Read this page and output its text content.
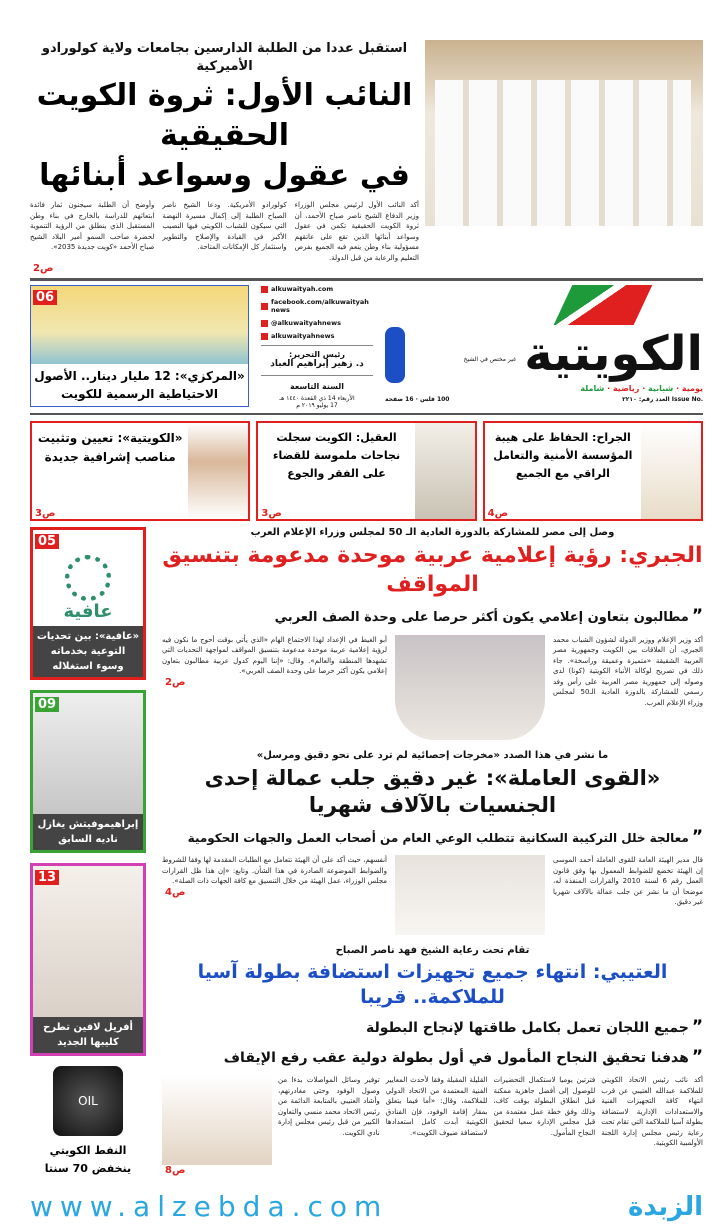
استقبل عددا من الطلبة الدارسين بجامعات ولاية كولورادو الأميركية
النائب الأول: ثروة الكويت الحقيقية
في عقول وسواعد أبنائها

أكد النائب الأول لرئيس مجلس الوزراء وزير الدفاع الشيخ ناصر صباح الأحمد، أن ثروة الكويت الحقيقية تكمن في عقول وسواعد أبنائها الذين تقع على عاتقهم مسؤولية بناء وطن ينعم فيه الجميع بفرص التعليم والرعاية من قبل الدولة.

كولورادو الأمريكية. ودعا الشيخ ناصر الصباح الطلبة إلى إكمال مسيرة النهضة التي سيكون للشباب الكويتي فيها النصيب الأكبر في القيادة والإصلاح والتطوير واستثمار كل الإمكانات المتاحة.

وأوضح أن الطلبة سيجنون ثمار فائدة ابتعاثهم للدراسة بالخارج في بناء وطن المستقبل الذي ينطلق من الرؤية التنموية لحضرة صاحب السمو أمير البلاد الشيخ صباح الأحمد «كويت جديدة 2035».

ص2
الكويتية
غير مختص في الشيخ
يومية · شبابية · رياضية · شاملة
العدد رقم: ٢٢١٠ Issue No.
100 فلس · 16 صفحة
alkuwaityah.com
facebook.com/alkuwaityahnews
@alkuwaityahnews
alkuwaityahnews
رئيس التحرير:
د. زهير إبراهيم العباد
السنة التاسعة
الأربعاء 14 ذي القعدة ١٤٤٠ هـ
17 يوليو ٢٠١٩ م
06
«المركزي»: 12 مليار دينار.. الأصول
الاحتياطية الرسمية للكويت
الجراح: الحفاظ على هيبة المؤسسة الأمنية والتعامل الراقي مع الجميع
ص4
العقيل: الكويت سجلت نجاحات ملموسة للقضاء على الفقر والجوع
ص3
«الكويتية»: تعيين وتثبيت مناصب إشرافية جديدة
ص3
وصل إلى مصر للمشاركة بالدورة العادية الـ 50 لمجلس وزراء الإعلام العرب
الجبري: رؤية إعلامية عربية موحدة مدعومة بتنسيق المواقف
”مطالبون بتعاون إعلامي يكون أكثر حرصا على وحدة الصف العربي

أكد وزير الإعلام ووزير الدولة لشؤون الشباب محمد الجبري، أن العلاقات بين الكويت وجمهورية مصر العربية الشقيقة «متميزة وعميقة وراسخة». جاء ذلك في تصريح لوكالة الأنباء الكويتية (كونا) لدى وصوله إلى جمهورية مصر العربية على رأس وفد رسمي للمشاركة بالدورة العادية الـ50 لمجلس وزراء الإعلام العرب.

أبو الغيط في الإعداد لهذا الاجتماع الهام «الذي يأتي بوقت أحوج ما نكون فيه لرؤية إعلامية عربية موحدة مدعومة بتنسيق المواقف لمواجهة التحديات التي تشهدها المنطقة والعالم». وقال: «إننا اليوم كدول عربية مطالبون بتعاون إعلامي يكون أكثر حرصا على وحدة الصف العربي».

ص2
ما نشر في هذا الصدد «مخرجات إحصائية لم ترد على نحو دقيق ومرسل»
«القوى العاملة»: غير دقيق جلب عمالة إحدى الجنسيات بالآلاف شهريا
”معالجة خلل التركيبة السكانية تتطلب الوعي العام من أصحاب العمل والجهات الحكومية

قال مدير الهيئة العامة للقوى العاملة أحمد الموسى إن الهيئة تخضع للضوابط المعمول بها وفق قانون العمل رقم 6 لسنة 2010 والقرارات المنفذة له، موضحا أن ما نشر عن جلب عمالة بالآلاف شهريا غير دقيق.

أنفسهم، حيث أكد على أن الهيئة تتعامل مع الطلبات المقدمة لها وفقا للشروط والضوابط الموضوعة الصادرة في هذا الشأن. وتابع: «إن هذا ظل القرارات مجلس الوزراء، عمل الهيئة من خلال التنسيق مع كافة الجهات ذات الصلة».

ص4
تقام تحت رعاية الشيخ فهد ناصر الصباح
العتيبي: انتهاء جميع تجهيزات استضافة بطولة آسيا للملاكمة.. قريبا
”جميع اللجان تعمل بكامل طاقتها لإنجاح البطولة
”هدفنا تحقيق النجاح المأمول في أول بطولة دولية عقب رفع الإيقاف

أكد نائب رئيس الاتحاد الكويتي للملاكمة عبدالله العتيبي عن قرب انتهاء كافة التجهيزات الفنية والاستعدادات الإدارية لاستضافة بطولة آسيا للملاكمة التي تقام تحت رعاية رئيس مجلس إدارة اللجنة الأولمبية الكويتية.

فترتين يوميا لاستكمال التحضيرات للوصول إلى أفضل جاهزية ممكنة قبل انطلاق البطولة بوقت كاف، وذلك وفق خطة عمل معتمدة من قبل مجلس الإدارة سعيا لتحقيق النجاح المأمول.

القليلة المقبلة وفقا لأحدث المعايير الفنية المعتمدة من الاتحاد الدولي للملاكمة، وقال: «أما فيما يتعلق بمقار إقامة الوفود، فإن الفنادق الكويتية أبدت كامل استعدادها لاستضافة ضيوف الكويت».

توفير وسائل المواصلات بدءا من وصول الوفود وحتى مغادرتهم، وأشاد العتيبي بالمتابعة الدائمة من رئيس الاتحاد محمد منسي والتعاون الكبير من قبل رئيس مجلس إدارة نادي الكويت.

ص8
05
عافية
«عافية»: بين تحديات التوعية بخدماته وسوء استغلاله
09
إبراهيموفيتش يغازل ناديه السابق
13
أفريل لافين تطرح كليبها الجديد
OIL
النفط الكويتي ينخفض 70 سنتا
الزبدة
www.alzebda.com
